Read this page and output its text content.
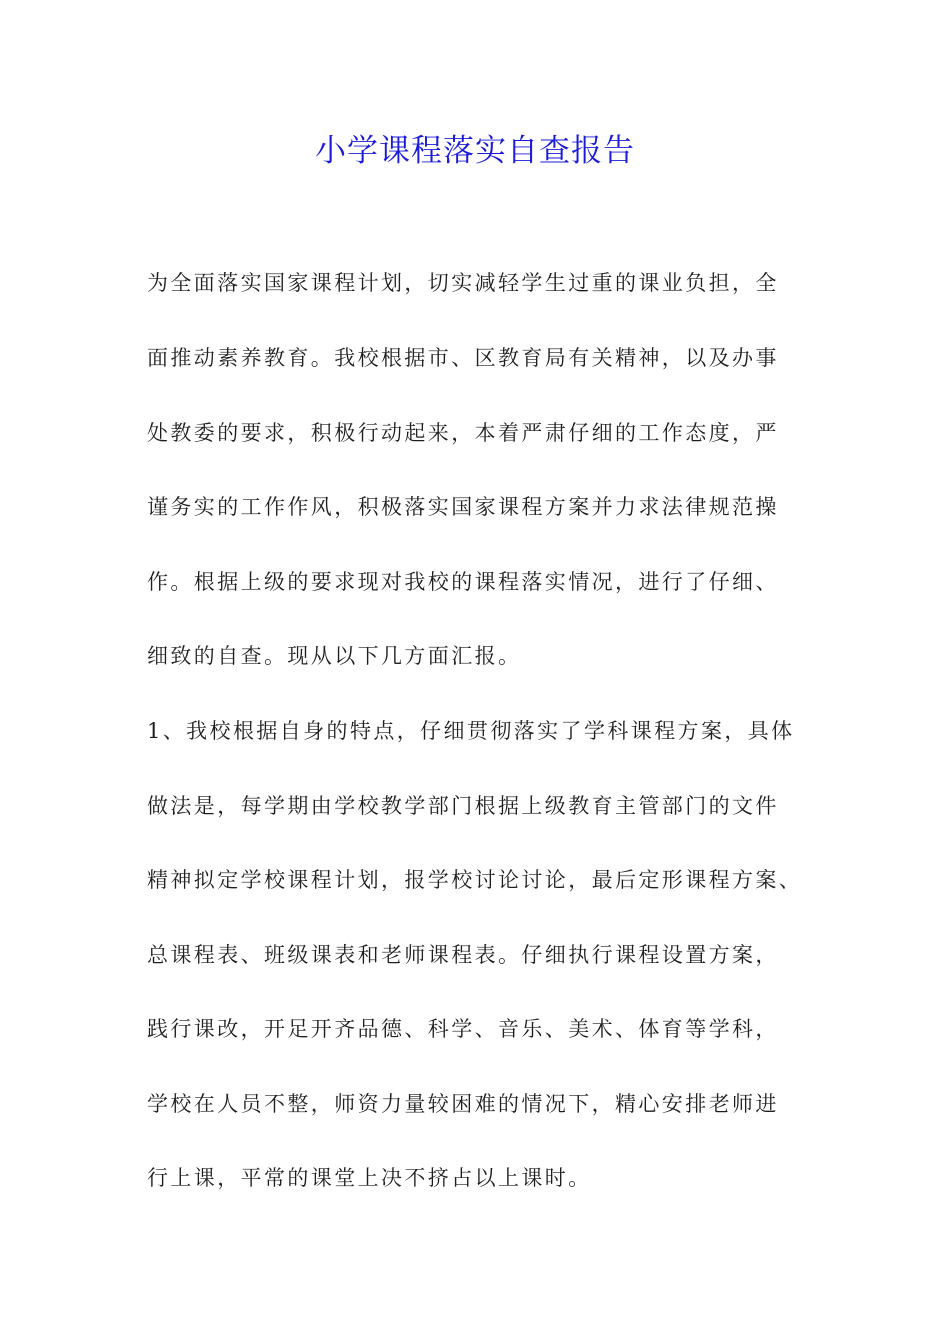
小学课程落实自查报告

为全面落实国家课程计划，切实减轻学生过重的课业负担，全

面推动素养教育。我校根据市、区教育局有关精神，以及办事

处教委的要求，积极行动起来，本着严肃仔细的工作态度，严

谨务实的工作作风，积极落实国家课程方案并力求法律规范操

作。根据上级的要求现对我校的课程落实情况，进行了仔细、

细致的自查。现从以下几方面汇报。

1、我校根据自身的特点，仔细贯彻落实了学科课程方案，具体

做法是，每学期由学校教学部门根据上级教育主管部门的文件

精神拟定学校课程计划，报学校讨论讨论，最后定形课程方案、

总课程表、班级课表和老师课程表。仔细执行课程设置方案，

践行课改，开足开齐品德、科学、音乐、美术、体育等学科，

学校在人员不整，师资力量较困难的情况下，精心安排老师进

行上课，平常的课堂上决不挤占以上课时。
